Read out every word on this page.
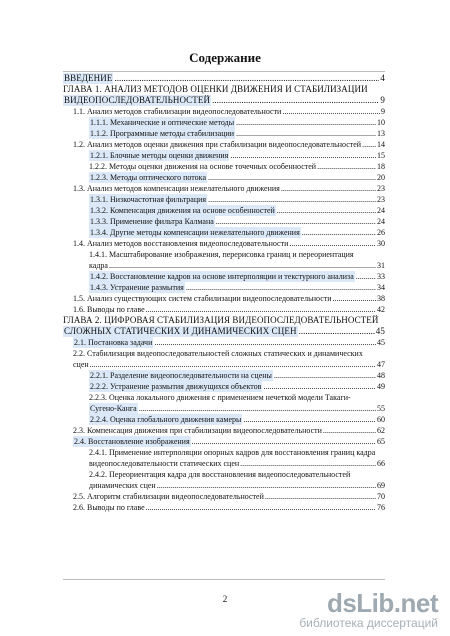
Содержание
ВВЕДЕНИЕ .....	4
ГЛАВА 1. АНАЛИЗ МЕТОДОВ ОЦЕНКИ ДВИЖЕНИЯ И СТАБИЛИЗАЦИИ
ВИДЕОПОСЛЕДОВАТЕЛЬНОСТЕЙ .....	9
1.1. Анализ методов стабилизации видеопоследовательности .....	9
1.1.1. Механические и оптические методы .....	10
1.1.2. Программные методы стабилизации .....	13
1.2. Анализ методов оценки движения при стабилизации видеопоследовательностей ..... 14
1.2.1. Блочные методы оценки движения .....	15
1.2.2. Методы оценки движения на основе точечных особенностей .....	18
1.2.3. Методы оптического потока .....	20
1.3. Анализ методов компенсации нежелательного движения .....	23
1.3.1. Низкочастотная фильтрация .....	23
1.3.2. Компенсация движения на основе особенностей .....	24
1.3.3. Применение фильтра Калмана .....	24
1.3.4. Другие методы компенсации нежелательного движения .....	26
1.4. Анализ методов восстановления видеопоследовательности .....	30
1.4.1. Масштабирование изображения, перерисовка границ и переориентация
кадра .....	31
1.4.2. Восстановление кадров на основе интерполяции и текстурного анализа .....	33
1.4.3. Устранение размытия .....	34
1.5. Анализ существующих систем стабилизации видеопоследовательности .....	38
1.6. Выводы по главе .....	42
ГЛАВА 2. ЦИФРОВАЯ СТАБИЛИЗАЦИЯ ВИДЕОПОСЛЕДОВАТЕЛЬНОСТЕЙ
СЛОЖНЫХ СТАТИЧЕСКИХ И ДИНАМИЧЕСКИХ СЦЕН .....	45
2.1. Постановка задачи .....	45
2.2. Стабилизация видеопоследовательностей сложных статических и динамических
сцен .....	47
2.2.1. Разделение видеопоследовательности на сцены .....	48
2.2.2. Устранение размытия движущихся объектов .....	49
2.2.3. Оценка локального движения с применением нечеткой модели Такаги-
Сугено-Канга .....	55
2.2.4. Оценка глобального движения камеры .....	60
2.3. Компенсация движения при стабилизации видеопоследовательности .....	62
2.4. Восстановление изображения .....	65
2.4.1. Применение интерполяции опорных кадров для восстановления границ кадра
видеопоследовательности статических сцен .....	66
2.4.2. Переориентация кадра для восстановления видеопоследовательностей
динамических сцен .....	69
2.5. Алгоритм стабилизации видеопоследовательностей .....	70
2.6. Выводы по главе .....	76
2	dsLib.net
библиотека диссертаций
